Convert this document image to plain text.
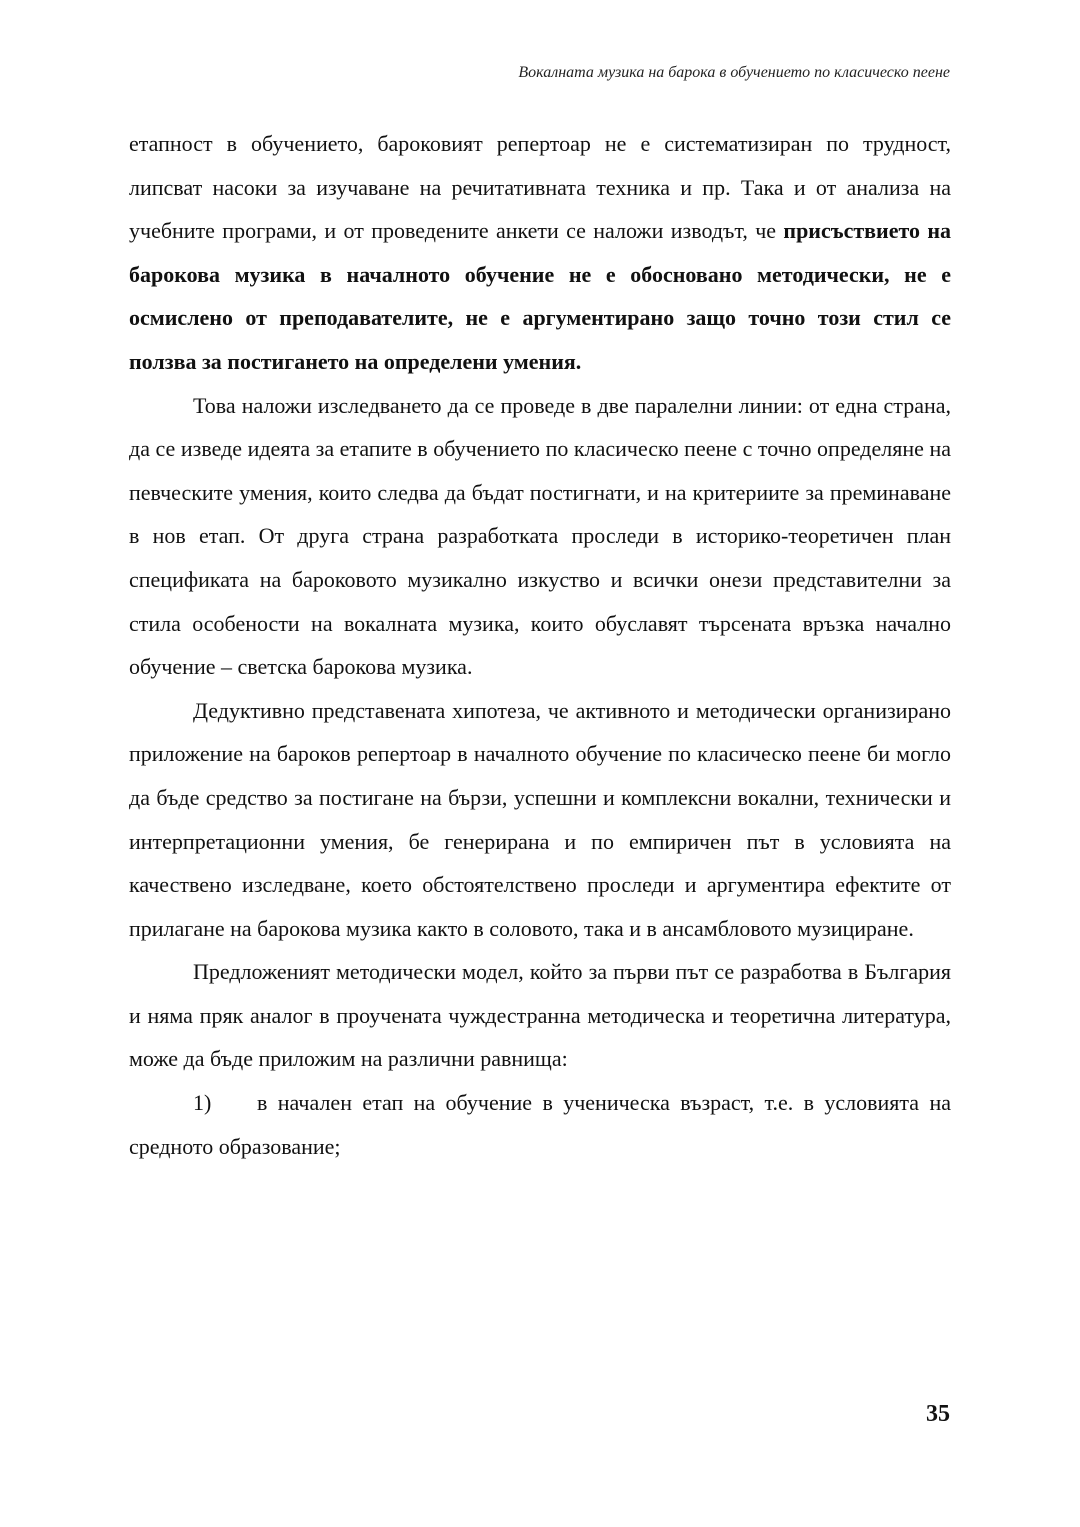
Вокалната музика на барока в обучението по класическо пеене

етапност в обучението, бароковият репертоар не е систематизиран по трудност, липсват насоки за изучаване на речитативната техника и пр. Така и от анализа на учебните програми, и от проведените анкети се наложи изводът, че присъствието на барокова музика в началното обучение не е обосновано методически, не е осмислено от преподавателите, не е аргументирано защо точно този стил се ползва за постигането на определени умения.

Това наложи изследването да се проведе в две паралелни линии: от една страна, да се изведе идеята за етапите в обучението по класическо пеене с точно определяне на певческите умения, които следва да бъдат постигнати, и на критериите за преминаване в нов етап. От друга страна разработката проследи в историко-теоретичен план спецификата на бароковото музикално изкуство и всички онези представителни за стила особености на вокалната музика, които обуславят търсената връзка начално обучение – светска барокова музика.

Дедуктивно представената хипотеза, че активното и методически организирано приложение на бароков репертоар в началното обучение по класическо пеене би могло да бъде средство за постигане на бързи, успешни и комплексни вокални, технически и интерпретационни умения, бе генерирана и по емпиричен път в условията на качествено изследване, което обстоятелствено проследи и аргументира ефектите от прилагане на барокова музика както в соловото, така и в ансамбловото музициране.

Предложеният методически модел, който за първи път се разработва в България и няма пряк аналог в проучената чуждестранна методическа и теоретична литература, може да бъде приложим на различни равнища:

1) в начален етап на обучение в ученическа възраст, т.е. в условията на средното образование;

35
